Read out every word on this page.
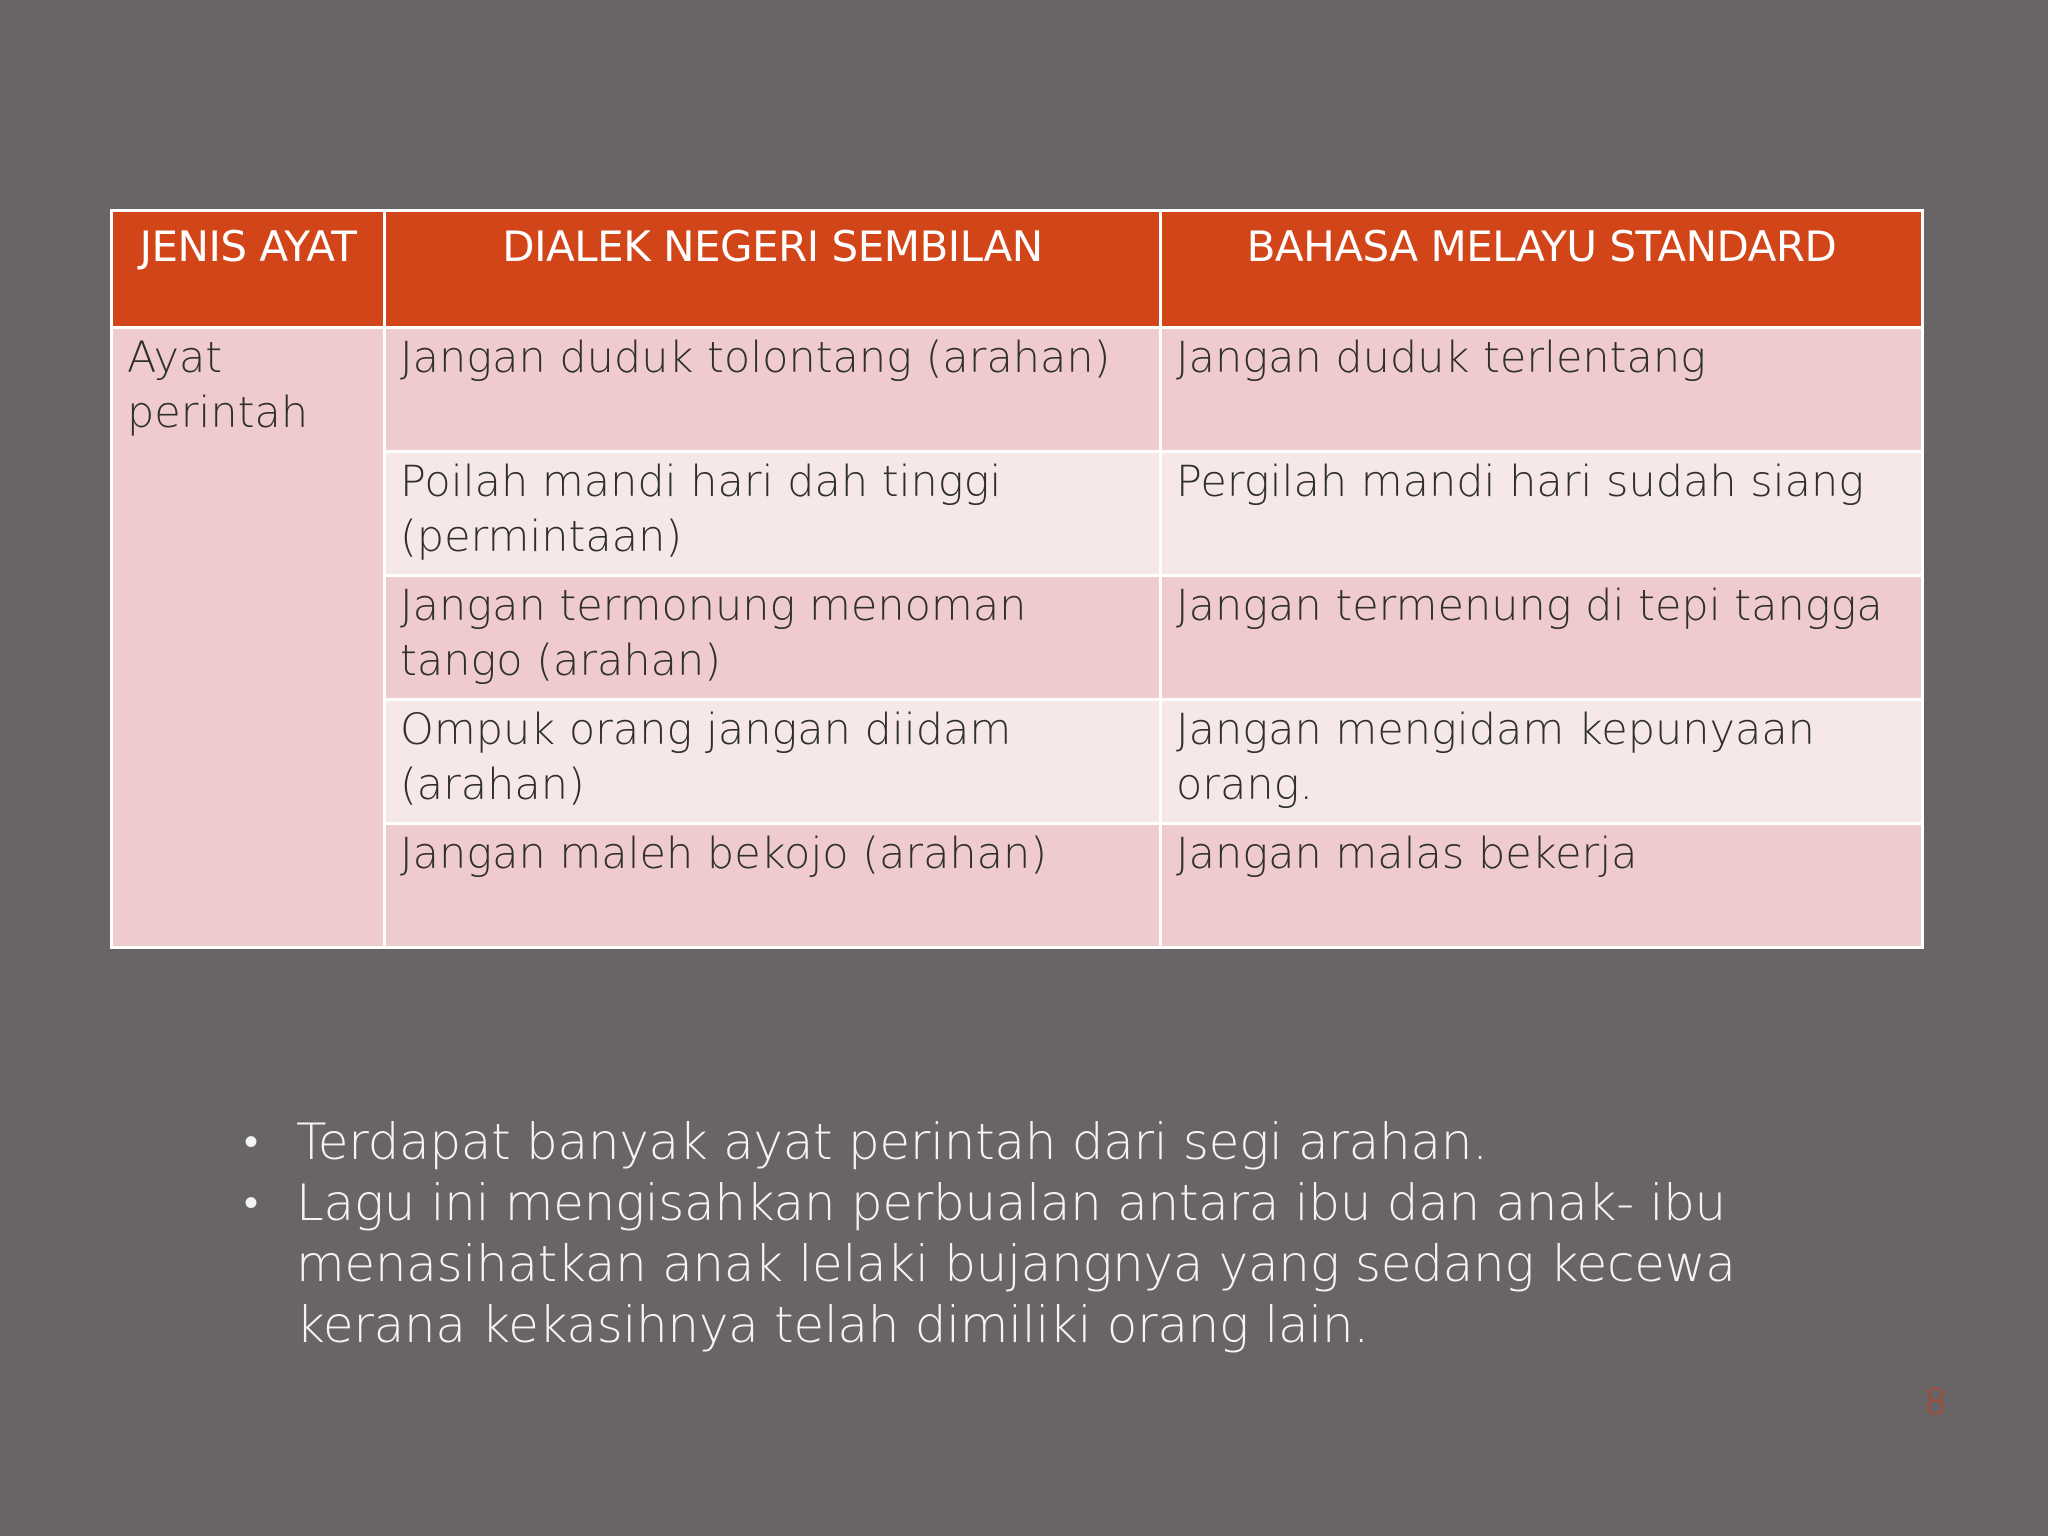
JENIS AYAT	DIALEK NEGERI SEMBILAN	BAHASA MELAYU STANDARD
Ayat perintah	Jangan duduk tolontang (arahan)	Jangan duduk terlentang
	Poilah mandi hari dah tinggi (permintaan)	Pergilah mandi hari sudah siang
	Jangan termonung menoman tango (arahan)	Jangan termenung di tepi tangga
	Ompuk orang jangan diidam (arahan)	Jangan mengidam kepunyaan orang.
	Jangan maleh bekojo (arahan)	Jangan malas bekerja
• Terdapat banyak ayat perintah dari segi arahan.
• Lagu ini mengisahkan perbualan antara ibu dan anak- ibu menasihatkan anak lelaki bujangnya yang sedang kecewa kerana kekasihnya telah dimiliki orang lain.
8
